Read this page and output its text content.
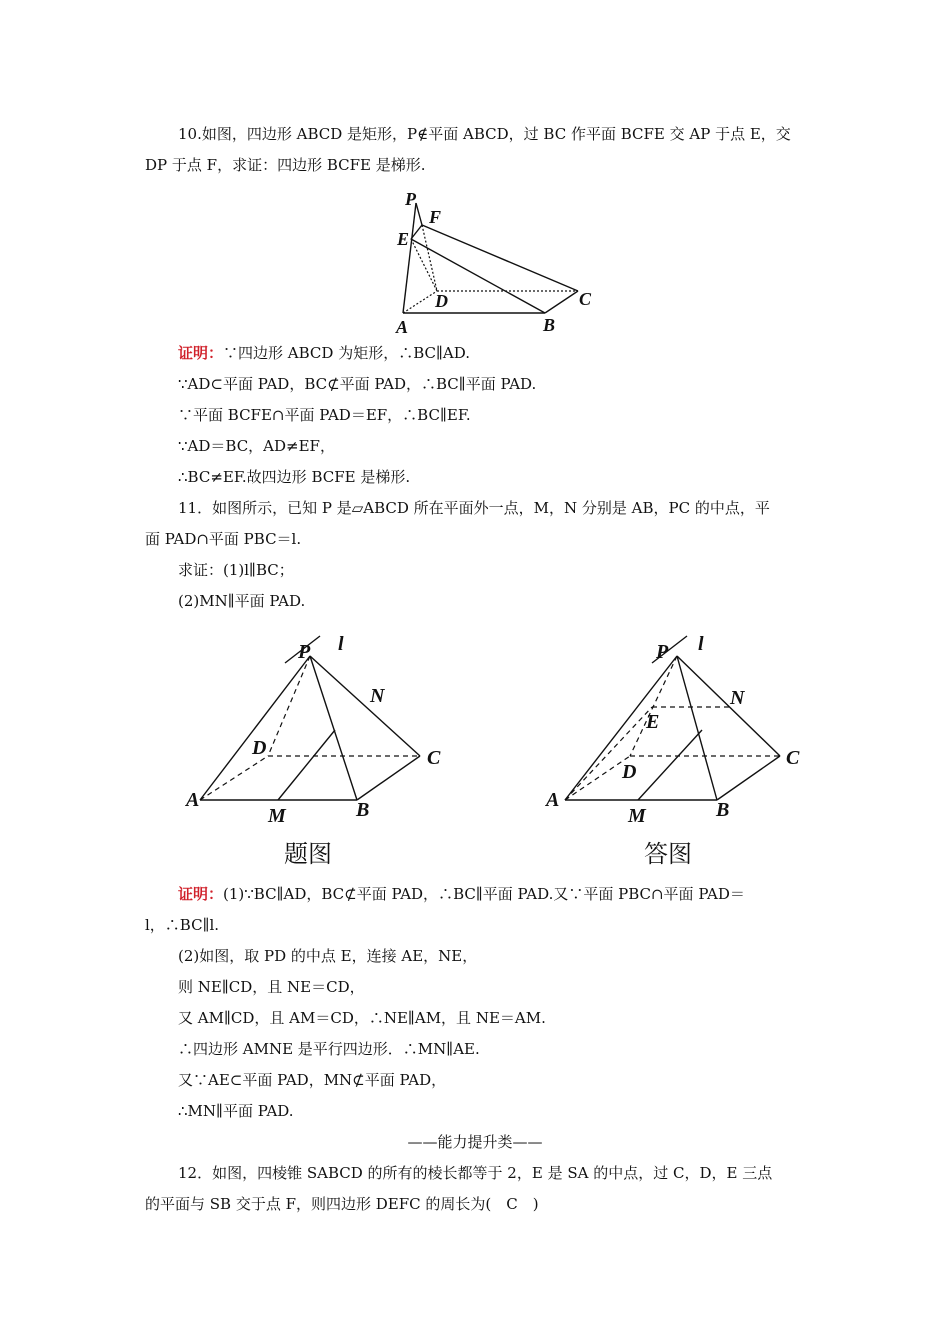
10.如图，四边形 ABCD 是矩形，P∉平面 ABCD，过 BC 作平面 BCFE 交 AP 于点 E，交
DP 于点 F，求证：四边形 BCFE 是梯形.
P
F
E
D	C
A	B
证明：∵四边形 ABCD 为矩形，∴BC∥AD.
∵AD⊂平面 PAD，BC⊄平面 PAD，∴BC∥平面 PAD.
∵平面 BCFE∩平面 PAD＝EF，∴BC∥EF.
∵AD＝BC，AD≠EF，
∴BC≠EF.故四边形 BCFE 是梯形.
11．如图所示，已知 P 是▱ABCD 所在平面外一点，M，N 分别是 AB，PC 的中点，平
面 PAD∩平面 PBC＝l.
求证：(1)l∥BC；
(2)MN∥平面 PAD.
P l
N
D	C
A
M	B
题图
P l
N
E
D
C
A
M	B
答图
证明：(1)∵BC∥AD，BC⊄平面 PAD，∴BC∥平面 PAD.又∵平面 PBC∩平面 PAD＝
l，∴BC∥l.
(2)如图，取 PD 的中点 E，连接 AE，NE，
则 NE∥CD，且 NE＝CD，
又 AM∥CD，且 AM＝CD，∴NE∥AM，且 NE＝AM.
∴四边形 AMNE 是平行四边形．∴MN∥AE.
又∵AE⊂平面 PAD，MN⊄平面 PAD，
∴MN∥平面 PAD.
——能力提升类——
12．如图，四棱锥 SABCD 的所有的棱长都等于 2，E 是 SA 的中点，过 C，D，E 三点
的平面与 SB 交于点 F，则四边形 DEFC 的周长为(　C　)
